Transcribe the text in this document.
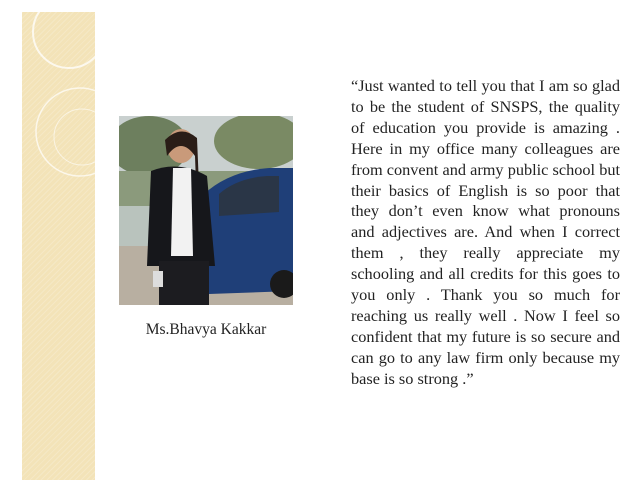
Ms.Bhavya Kakkar
“Just wanted to tell you that I am so glad to be the student of SNSPS, the quality of education you provide is amazing . Here in my office many colleagues are from convent and army public school but their basics of English is so poor that they don’t even know what pronouns and adjectives are. And when I correct them , they really appreciate my schooling and all credits for this goes to you only . Thank you so much for reaching us really well . Now I feel so confident that my future is so secure and can go to any law firm only because my base is so strong .”
